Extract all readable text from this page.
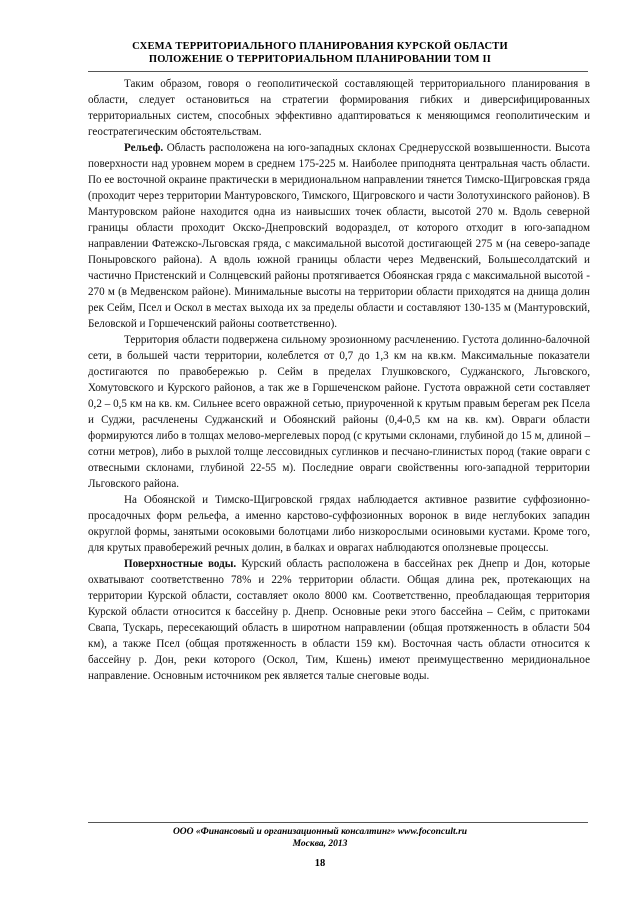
СХЕМА ТЕРРИТОРИАЛЬНОГО ПЛАНИРОВАНИЯ КУРСКОЙ ОБЛАСТИ
ПОЛОЖЕНИЕ О ТЕРРИТОРИАЛЬНОМ ПЛАНИРОВАНИИ ТОМ II

Таким образом, говоря о геополитической составляющей территориального планирования в области, следует остановиться на стратегии формирования гибких и диверсифицированных территориальных систем, способных эффективно адаптироваться к меняющимся геополитическим и геостратегическим обстоятельствам.

Рельеф. Область расположена на юго-западных склонах Среднерусской возвышенности. Высота поверхности над уровнем морем в среднем 175-225 м. Наиболее приподнята центральная часть области. По ее восточной окраине практически в меридиональном направлении тянется Тимско-Щигровская гряда (проходит через территории Мантуровского, Тимского, Щигровского и части Золотухинского районов). В Мантуровском районе находится одна из наивысших точек области, высотой 270 м. Вдоль северной границы области проходит Окско-Днепровский водораздел, от которого отходит в юго-западном направлении Фатежско-Льговская гряда, с максимальной высотой достигающей 275 м (на северо-западе Поныровского района). А вдоль южной границы области через Медвенский, Большесолдатский и частично Пристенский и Солнцевский районы протягивается Обоянская гряда с максимальной высотой - 270 м (в Медвенском районе). Минимальные высоты на территории области приходятся на днища долин рек Сейм, Псел и Оскол в местах выхода их за пределы области и составляют 130-135 м (Мантуровский, Беловской и Горшеченский районы соответственно).

Территория области подвержена сильному эрозионному расчленению. Густота долинно-балочной сети, в большей части территории, колеблется от 0,7 до 1,3 км на кв.км. Максимальные показатели достигаются по правобережью р. Сейм в пределах Глушковского, Суджанского, Льговского, Хомутовского и Курского районов, а так же в Горшеченском районе. Густота овражной сети составляет 0,2 – 0,5 км на кв. км. Сильнее всего овражной сетью, приуроченной к крутым правым берегам рек Псела и Суджи, расчленены Суджанский и Обоянский районы (0,4-0,5 км на кв. км). Овраги области формируются либо в толщах мелово-мергелевых пород (с крутыми склонами, глубиной до 15 м, длиной – сотни метров), либо в рыхлой толще лессовидных суглинков и песчано-глинистых пород (такие овраги с отвесными склонами, глубиной 22-55 м). Последние овраги свойственны юго-западной территории Льговского района.

На Обоянской и Тимско-Щигровской грядах наблюдается активное развитие суффозионно-просадочных форм рельефа, а именно карстово-суффозионных воронок в виде неглубоких западин округлой формы, занятыми осоковыми болотцами либо низкорослыми осиновыми кустами. Кроме того, для крутых правобережий речных долин, в балках и оврагах наблюдаются оползневые процессы.

Поверхностные воды. Курский область расположена в бассейнах рек Днепр и Дон, которые охватывают соответственно 78% и 22% территории области. Общая длина рек, протекающих на территории Курской области, составляет около 8000 км. Соответственно, преобладающая территория Курской области относится к бассейну р. Днепр. Основные реки этого бассейна – Сейм, с притоками Свапа, Тускарь, пересекающий область в широтном направлении (общая протяженность в области 504 км), а также Псел (общая протяженность в области 159 км). Восточная часть области относится к бассейну р. Дон, реки которого (Оскол, Тим, Кшень) имеют преимущественно меридиональное направление. Основным источником рек является талые снеговые воды.

ООО «Финансовый и организационный консалтинг» www.foconcult.ru
Москва, 2013
18
